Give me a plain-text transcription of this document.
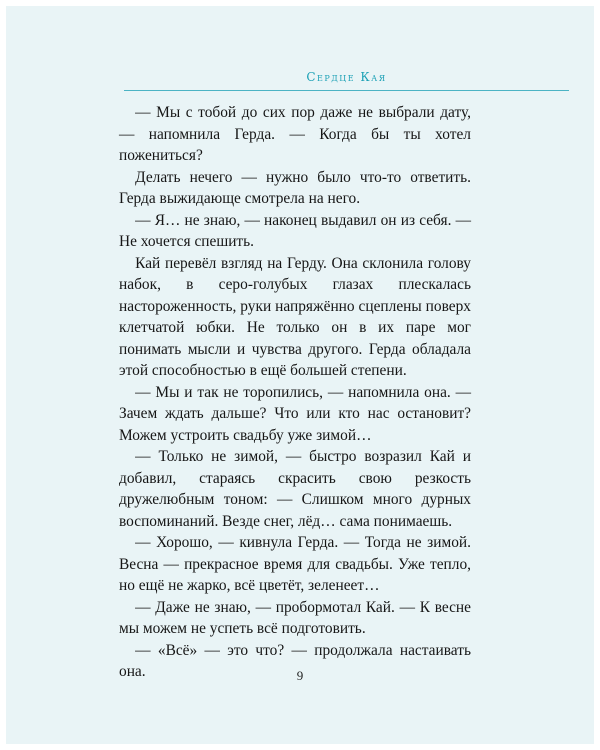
Сердце Кая

— Мы с тобой до сих пор даже не выбрали дату, — напомнила Герда. — Когда бы ты хотел пожениться?

Делать нечего — нужно было что-то ответить. Герда выжидающе смотрела на него.

— Я… не знаю, — наконец выдавил он из себя. — Не хочется спешить.

Кай перевёл взгляд на Герду. Она склонила голову набок, в серо-голубых глазах плескалась настороженность, руки напряжённо сцеплены поверх клетчатой юбки. Не только он в их паре мог понимать мысли и чувства другого. Герда обладала этой способностью в ещё большей степени.

— Мы и так не торопились, — напомнила она. — Зачем ждать дальше? Что или кто нас остановит? Можем устроить свадьбу уже зимой…

— Только не зимой, — быстро возразил Кай и добавил, стараясь скрасить свою резкость дружелюбным тоном: — Слишком много дурных воспоминаний. Везде снег, лёд… сама понимаешь.

— Хорошо, — кивнула Герда. — Тогда не зимой. Весна — прекрасное время для свадьбы. Уже тепло, но ещё не жарко, всё цветёт, зеленеет…

— Даже не знаю, — пробормотал Кай. — К весне мы можем не успеть всё подготовить.

— «Всё» — это что? — продолжала настаивать она.	9
